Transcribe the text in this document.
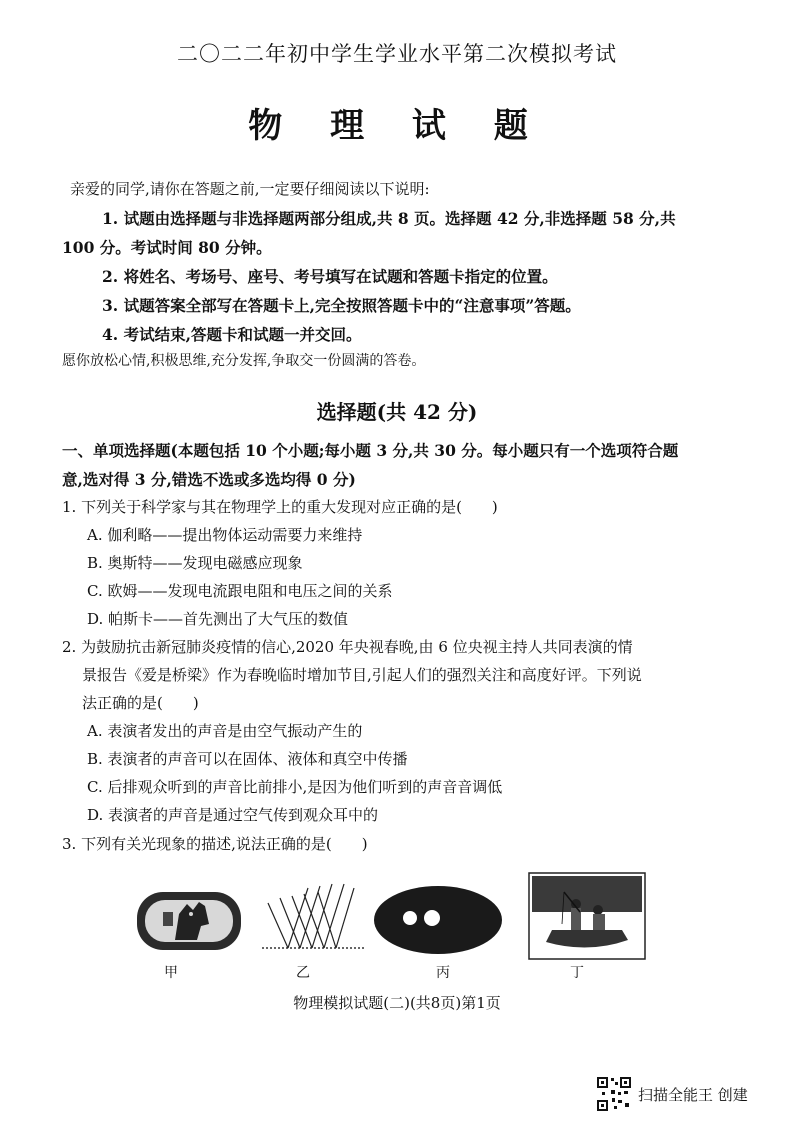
二〇二二年初中学生学业水平第二次模拟考试
物 理 试 题
亲爱的同学,请你在答题之前,一定要仔细阅读以下说明:
1. 试题由选择题与非选择题两部分组成,共 8 页。选择题 42 分,非选择题 58 分,共
100 分。考试时间 80 分钟。
2. 将姓名、考场号、座号、考号填写在试题和答题卡指定的位置。
3. 试题答案全部写在答题卡上,完全按照答题卡中的“注意事项”答题。
4. 考试结束,答题卡和试题一并交回。
愿你放松心情,积极思维,充分发挥,争取交一份圆满的答卷。
选择题(共 42 分)
一、单项选择题(本题包括 10 个小题;每小题 3 分,共 30 分。每小题只有一个选项符合题
意,选对得 3 分,错选不选或多选均得 0 分)
1. 下列关于科学家与其在物理学上的重大发现对应正确的是(　　)
A. 伽利略——提出物体运动需要力来维持
B. 奥斯特——发现电磁感应现象
C. 欧姆——发现电流跟电阻和电压之间的关系
D. 帕斯卡——首先测出了大气压的数值
2. 为鼓励抗击新冠肺炎疫情的信心,2020 年央视春晚,由 6 位央视主持人共同表演的情
景报告《爱是桥梁》作为春晚临时增加节目,引起人们的强烈关注和高度好评。下列说
法正确的是(　　)
A. 表演者发出的声音是由空气振动产生的
B. 表演者的声音可以在固体、液体和真空中传播
C. 后排观众听到的声音比前排小,是因为他们听到的声音音调低
D. 表演者的声音是通过空气传到观众耳中的
3. 下列有关光现象的描述,说法正确的是(　　)
甲	乙	丙	丁
物理模拟试题(二)(共8页)第1页
扫描全能王 创建
